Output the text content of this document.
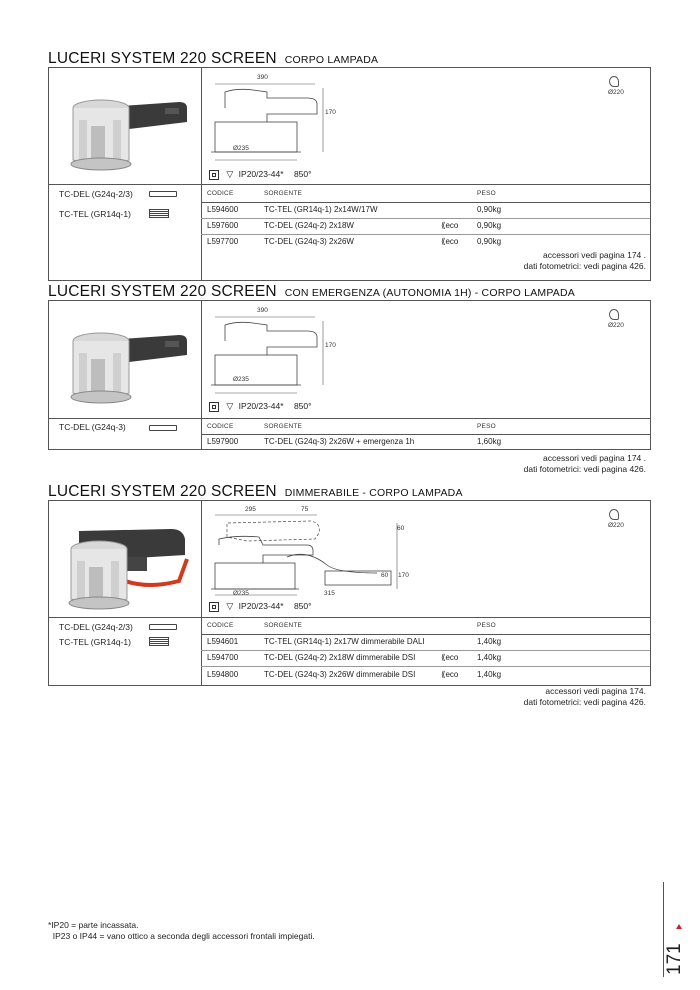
LUCERI SYSTEM 220 SCREEN CORPO LAMPADA
390
170
Ø235
Ø220
▽ IP20/23-44* 850°
TC-DEL (G24q-2/3)
TC-TEL (GR14q-1)
CODICE	SORGENTE	PESO
L594600	TC-TEL (GR14q-1) 2x14W/17W	0,90kg
L597600	TC-DEL (G24q-2) 2x18W	⟪eco 0,90kg
L597700	TC-DEL (G24q-3) 2x26W	⟪eco 0,90kg
accessori vedi pagina 174 .
dati fotometrici: vedi pagina 426.
LUCERI SYSTEM 220 SCREEN CON EMERGENZA (AUTONOMIA 1H) - CORPO LAMPADA
390
170
Ø235
Ø220
▽ IP20/23-44* 850°
TC-DEL (G24q-3)	CODICE	SORGENTE	PESO
L597900	TC-DEL (G24q-3) 2x26W + emergenza 1h	1,60kg
accessori vedi pagina 174 .
dati fotometrici: vedi pagina 426.
LUCERI SYSTEM 220 SCREEN DIMMERABILE - CORPO LAMPADA
295	75
60
60 170
Ø235	315
Ø220
▽ IP20/23-44* 850°
TC-DEL (G24q-2/3)
TC-TEL (GR14q-1)
CODICE	SORGENTE	PESO
L594601	TC-TEL (GR14q-1) 2x17W dimmerabile DALI	1,40kg
L594700	TC-DEL (G24q-2) 2x18W dimmerabile DSI	⟪eco 1,40kg
L594800	TC-DEL (G24q-3) 2x26W dimmerabile DSI	⟪eco 1,40kg
accessori vedi pagina 174.
dati fotometrici: vedi pagina 426.
*IP20 = parte incassata.
IP23 o IP44 = vano ottico a seconda degli accessori frontali impiegati.
171
